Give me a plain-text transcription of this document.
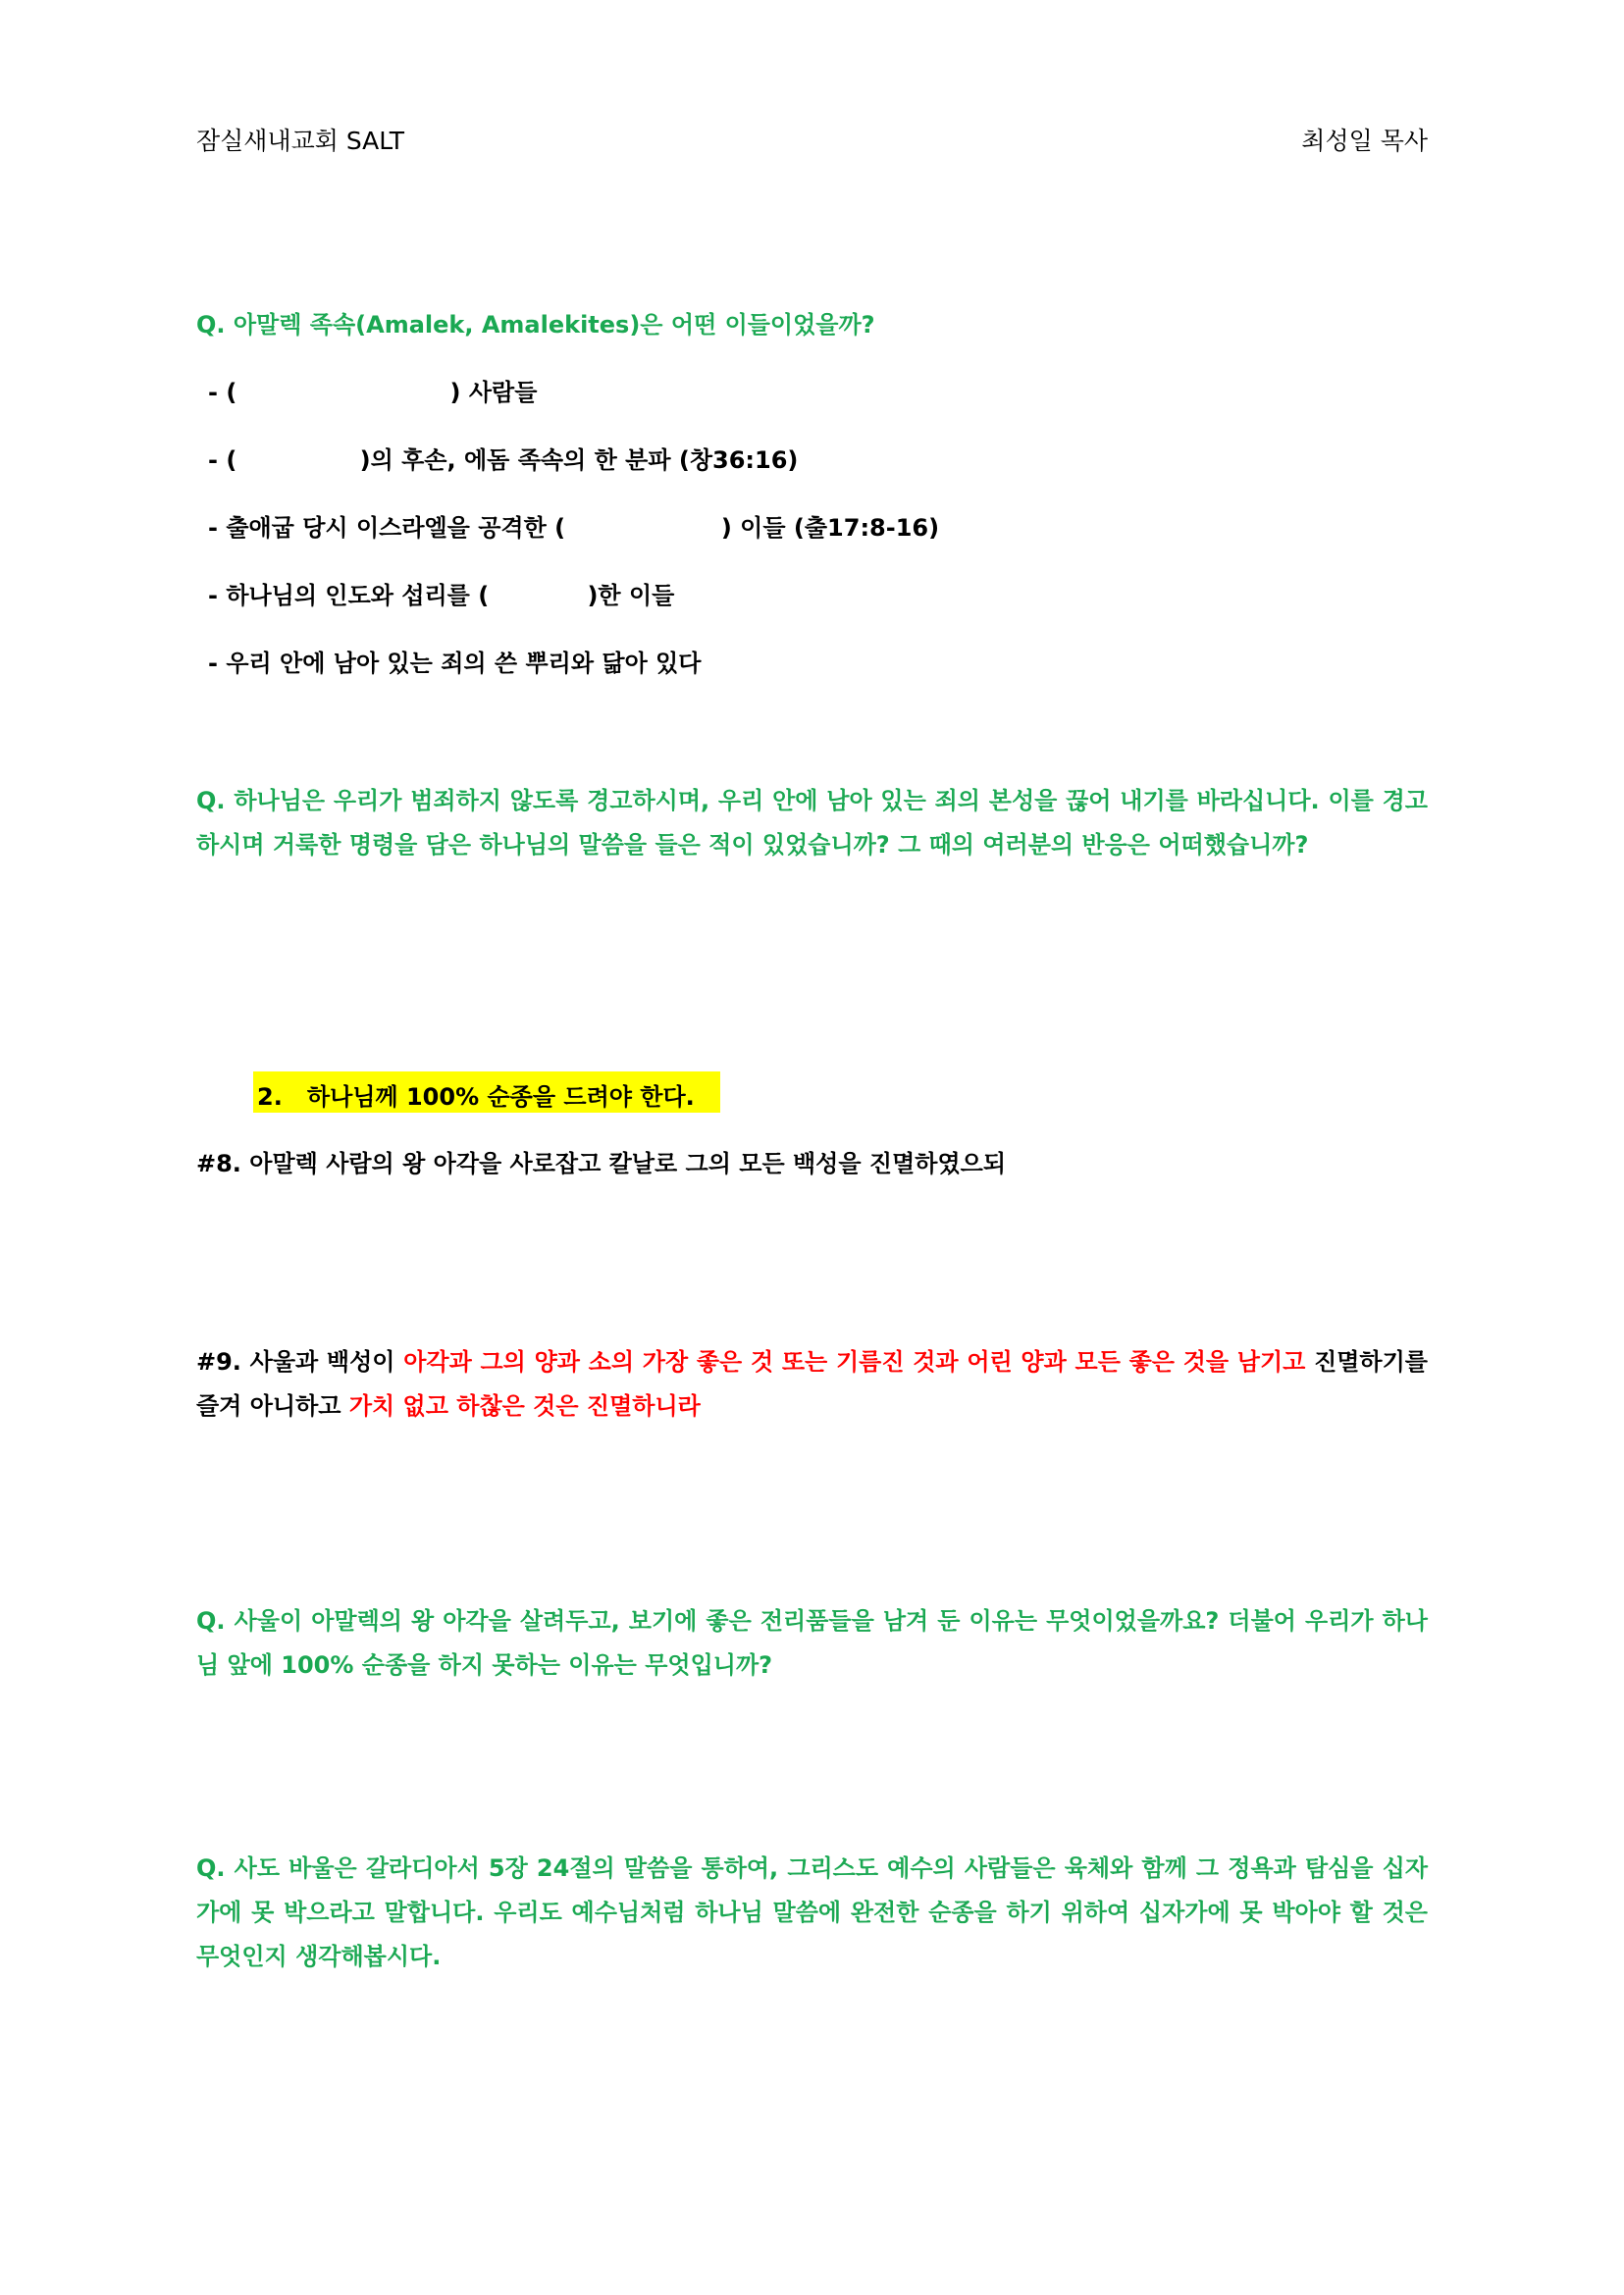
잠실새내교회 SALT	최성일 목사
Q. 아말렉 족속(Amalek, Amalekites)은 어떤 이들이었을까?
- (                          ) 사람들
- (               )의 후손, 에돔 족속의 한 분파 (창36:16)
- 출애굽 당시 이스라엘을 공격한 (                   ) 이들 (출17:8-16)
- 하나님의 인도와 섭리를 (            )한 이들
- 우리 안에 남아 있는 죄의 쓴 뿌리와 닮아 있다
Q. 하나님은 우리가 범죄하지 않도록 경고하시며, 우리 안에 남아 있는 죄의 본성을 끊어 내기를 바라십니다. 이를 경고하시며 거룩한 명령을 담은 하나님의 말씀을 들은 적이 있었습니까? 그 때의 여러분의 반응은 어떠했습니까?
2.   하나님께 100% 순종을 드려야 한다.
#8. 아말렉 사람의 왕 아각을 사로잡고 칼날로 그의 모든 백성을 진멸하였으되
#9. 사울과 백성이 아각과 그의 양과 소의 가장 좋은 것 또는 기름진 것과 어린 양과 모든 좋은 것을 남기고 진멸하기를 즐겨 아니하고 가치 없고 하찮은 것은 진멸하니라
Q. 사울이 아말렉의 왕 아각을 살려두고, 보기에 좋은 전리품들을 남겨 둔 이유는 무엇이었을까요? 더불어 우리가 하나님 앞에 100% 순종을 하지 못하는 이유는 무엇입니까?
Q. 사도 바울은 갈라디아서 5장 24절의 말씀을 통하여, 그리스도 예수의 사람들은 육체와 함께 그 정욕과 탐심을 십자가에 못 박으라고 말합니다. 우리도 예수님처럼 하나님 말씀에 완전한 순종을 하기 위하여 십자가에 못 박아야 할 것은 무엇인지 생각해봅시다.
